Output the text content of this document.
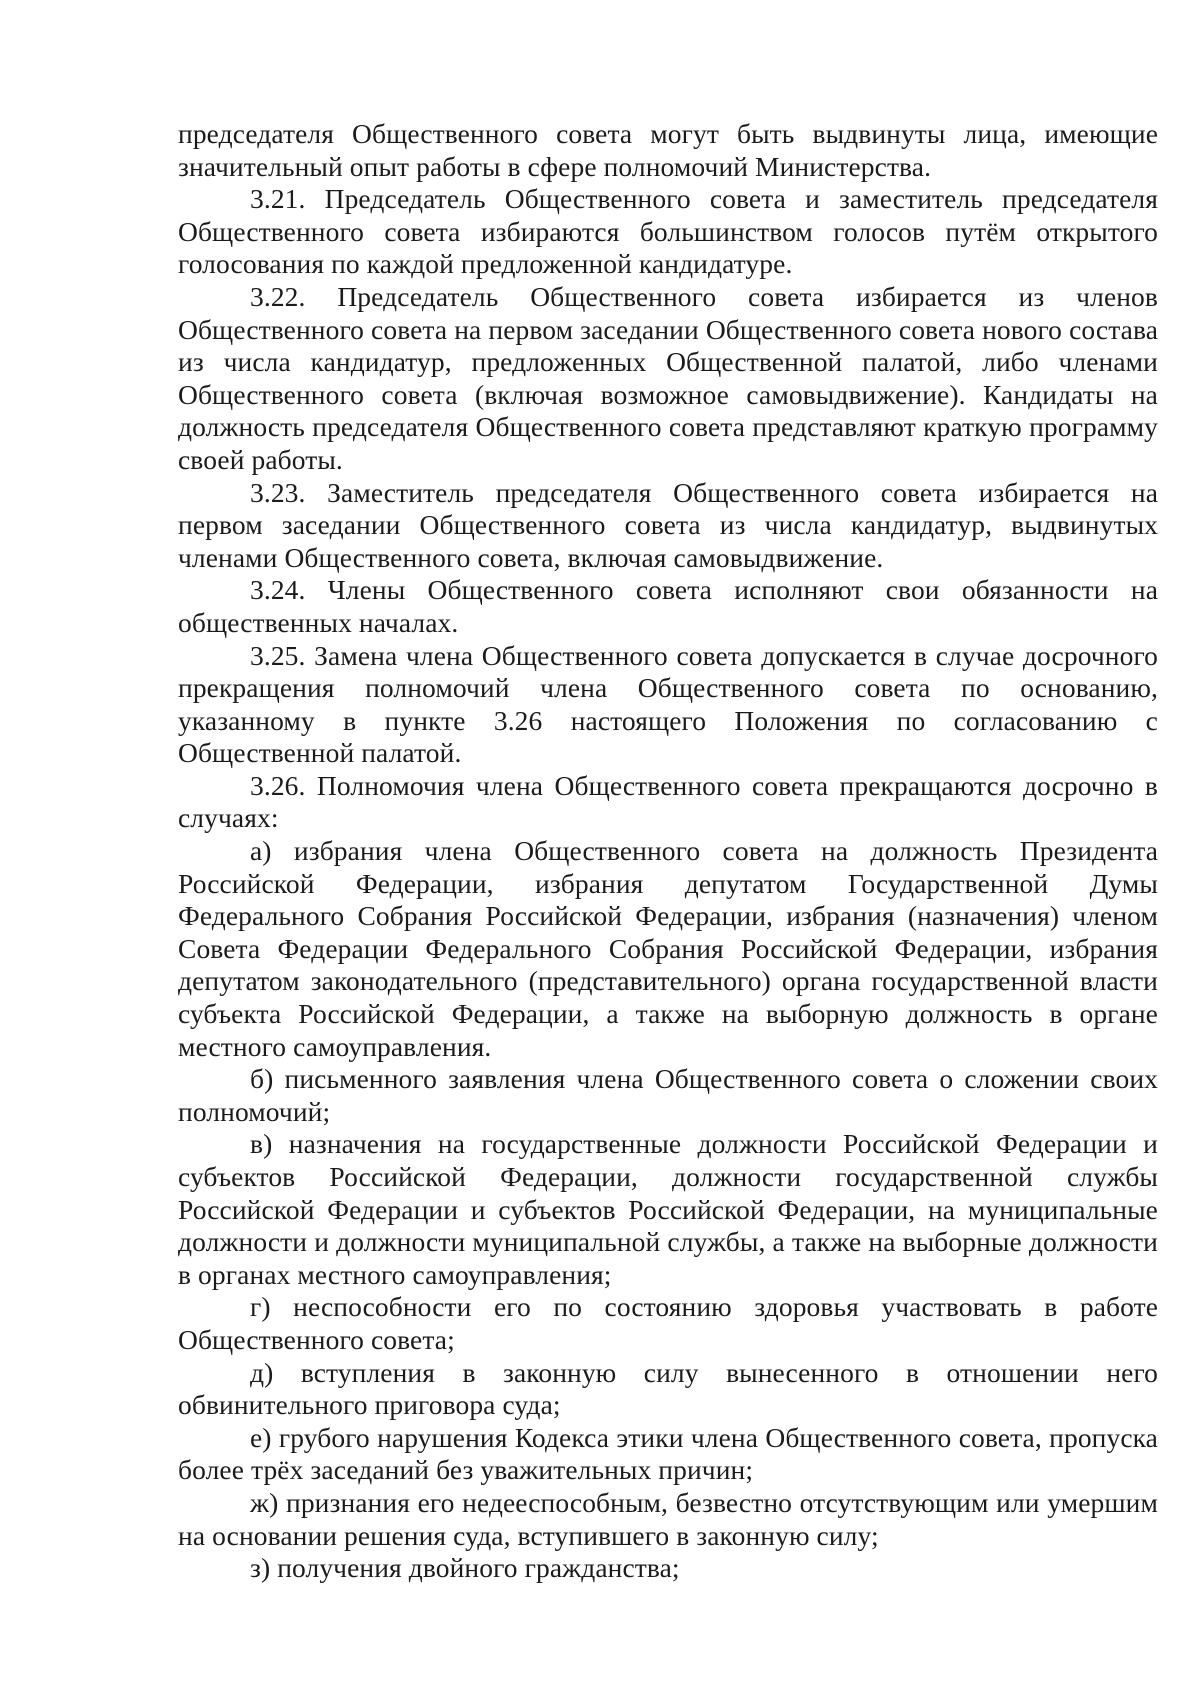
председателя Общественного совета могут быть выдвинуты лица, имеющие значительный опыт работы в сфере полномочий Министерства.

3.21. Председатель Общественного совета и заместитель председателя Общественного совета избираются большинством голосов путём открытого голосования по каждой предложенной кандидатуре.

3.22. Председатель Общественного совета избирается из членов Общественного совета на первом заседании Общественного совета нового состава из числа кандидатур, предложенных Общественной палатой, либо членами Общественного совета (включая возможное самовыдвижение). Кандидаты на должность председателя Общественного совета представляют краткую программу своей работы.

3.23. Заместитель председателя Общественного совета избирается на первом заседании Общественного совета из числа кандидатур, выдвинутых членами Общественного совета, включая самовыдвижение.

3.24. Члены Общественного совета исполняют свои обязанности на общественных началах.

3.25. Замена члена Общественного совета допускается в случае досрочного прекращения полномочий члена Общественного совета по основанию, указанному в пункте 3.26 настоящего Положения по согласованию с Общественной палатой.

3.26. Полномочия члена Общественного совета прекращаются досрочно в случаях:

а) избрания члена Общественного совета на должность Президента Российской Федерации, избрания депутатом Государственной Думы Федерального Собрания Российской Федерации, избрания (назначения) членом Совета Федерации Федерального Собрания Российской Федерации, избрания депутатом законодательного (представительного) органа государственной власти субъекта Российской Федерации, а также на выборную должность в органе местного самоуправления.

б) письменного заявления члена Общественного совета о сложении своих полномочий;

в) назначения на государственные должности Российской Федерации и субъектов Российской Федерации, должности государственной службы Российской Федерации и субъектов Российской Федерации, на муниципальные должности и должности муниципальной службы, а также на выборные должности в органах местного самоуправления;

г) неспособности его по состоянию здоровья участвовать в работе Общественного совета;

д) вступления в законную силу вынесенного в отношении него обвинительного приговора суда;

е) грубого нарушения Кодекса этики члена Общественного совета, пропуска более трёх заседаний без уважительных причин;

ж) признания его недееспособным, безвестно отсутствующим или умершим на основании решения суда, вступившего в законную силу;

з) получения двойного гражданства;
